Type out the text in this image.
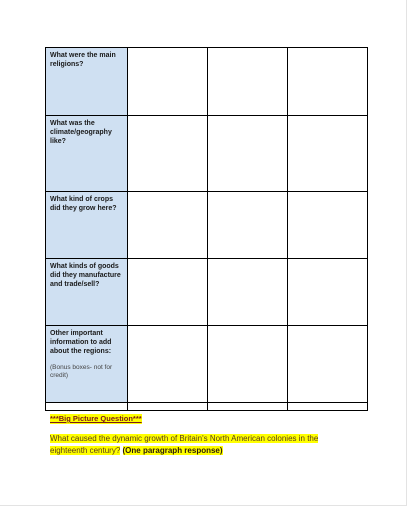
What were the main religions?			

What was the climate/geography like?			

What kind of crops did they grow here?			

What kinds of goods did they manufacture and trade/sell?			

Other important information to add about the regions:
(Bonus boxes- not for credit)			

***Big Picture Question***
What caused the dynamic growth of Britain's North American colonies in the eighteenth century? (One paragraph response)
